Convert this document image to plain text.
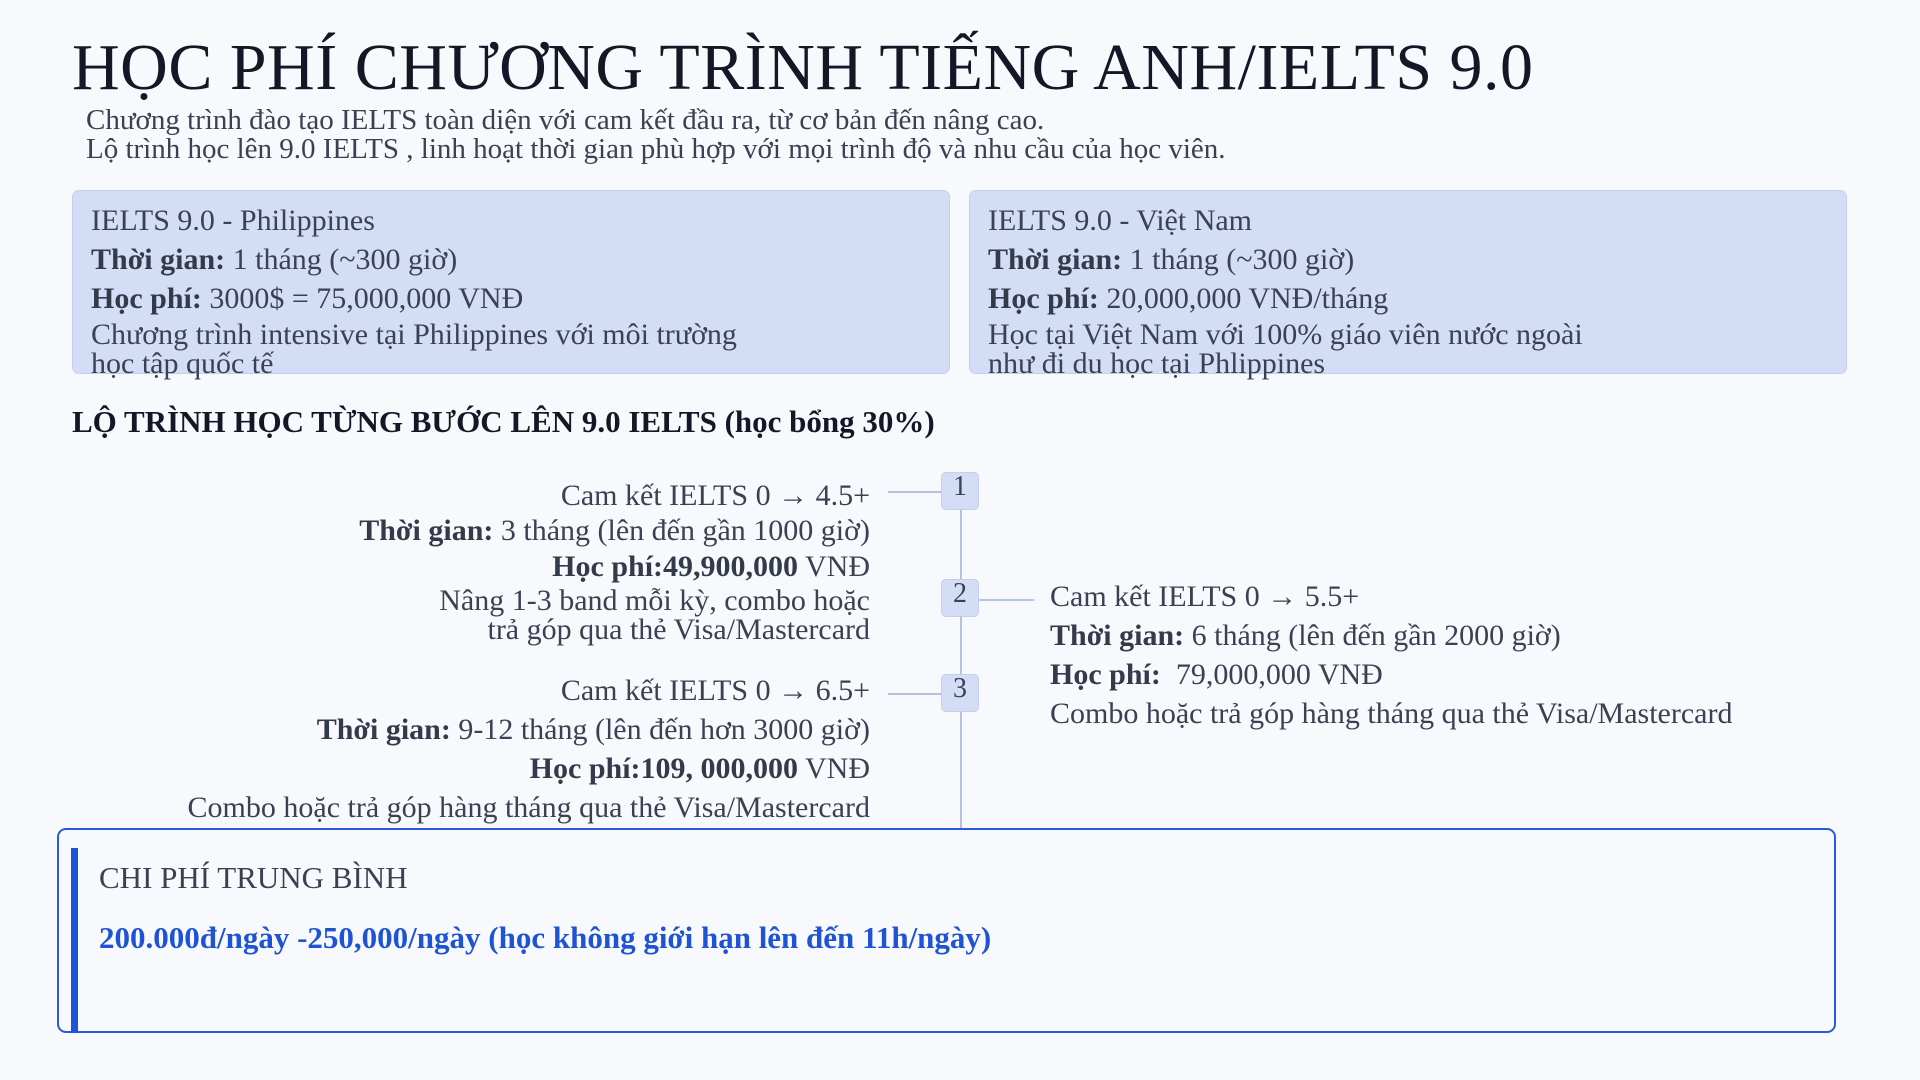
HỌC PHÍ CHƯƠNG TRÌNH TIẾNG ANH/IELTS 9.0
Chương trình đào tạo IELTS toàn diện với cam kết đầu ra, từ cơ bản đến nâng cao.
Lộ trình học lên 9.0 IELTS , linh hoạt thời gian phù hợp với mọi trình độ và nhu cầu của học viên.
IELTS 9.0 - Philippines
Thời gian: 1 tháng (~300 giờ)
Học phí: 3000$ = 75,000,000 VNĐ
Chương trình intensive tại Philippines với môi trường
học tập quốc tế
IELTS 9.0 - Việt Nam
Thời gian: 1 tháng (~300 giờ)
Học phí: 20,000,000 VNĐ/tháng
Học tại Việt Nam với 100% giáo viên nước ngoài
như đi du học tại Phlippines
LỘ TRÌNH HỌC TỪNG BƯỚC LÊN 9.0 IELTS (học bổng 30%)
1
2
3
Cam kết IELTS 0 → 4.5+
Thời gian: 3 tháng (lên đến gần 1000 giờ)
Học phí:49,900,000 VNĐ
Nâng 1-3 band mỗi kỳ, combo hoặc
trả góp qua thẻ Visa/Mastercard
Cam kết IELTS 0 → 5.5+
Thời gian: 6 tháng (lên đến gần 2000 giờ)
Học phí: 79,000,000 VNĐ
Combo hoặc trả góp hàng tháng qua thẻ Visa/Mastercard
Cam kết IELTS 0 → 6.5+
Thời gian: 9-12 tháng (lên đến hơn 3000 giờ)
Học phí:109, 000,000 VNĐ
Combo hoặc trả góp hàng tháng qua thẻ Visa/Mastercard
CHI PHÍ TRUNG BÌNH
200.000đ/ngày -250,000/ngày (học không giới hạn lên đến 11h/ngày)
